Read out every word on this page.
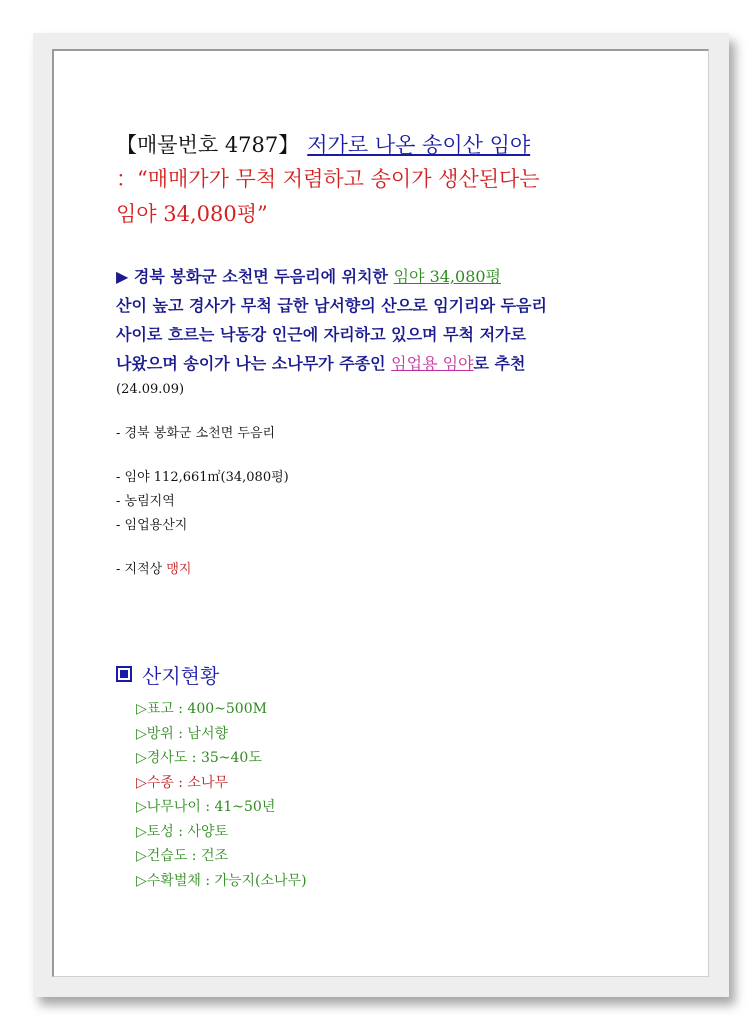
【매물번호 4787】 저가로 나온 송이산 임야
：“매매가가 무척 저렴하고 송이가 생산된다는
임야 34,080평”
▶ 경북 봉화군 소천면 두음리에 위치한 임야 34,080평
산이 높고 경사가 무척 급한 남서향의 산으로 임기리와 두음리
사이로 흐르는 낙동강 인근에 자리하고 있으며 무척 저가로
나왔으며 송이가 나는 소나무가 주종인 임업용 임야로 추천
(24.09.09)
- 경북 봉화군 소천면 두음리
- 임야 112,661㎡(34,080평)
- 농림지역
- 임업용산지
- 지적상 맹지
산지현황
▷표고 : 400~500M
▷방위 : 남서향
▷경사도 : 35~40도
▷수종 : 소나무
▷나무나이 : 41~50년
▷토성 : 사양토
▷건습도 : 건조
▷수확벌채 : 가능지(소나무)
